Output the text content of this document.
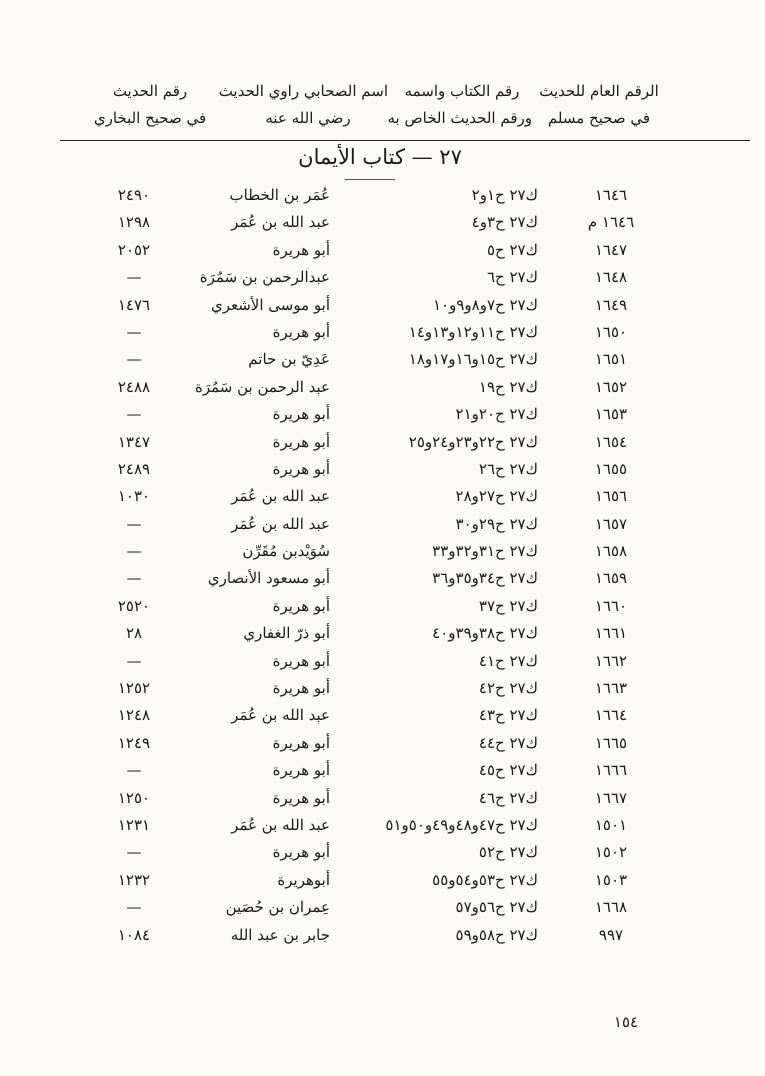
الرقم العام للحديث
في صحيح مسلم
رقم الكتاب واسمه
ورقم الحديث الخاص به
اسم الصحابي راوي الحديث
رضي الله عنه
رقم الحديث
في صحيح البخاري
٢٧ — كتاب الأيمان
١٦٤٦
ك٢٧ ح١و٢
عُمَر بن الخطاب
٢٤٩٠
١٦٤٦ م
ك٢٧ ح٣و٤
عبد الله بن عُمَر
١٢٩٨
١٦٤٧
ك٢٧ ح٥
أبو هريرة
٢٠٥٢
١٦٤٨
ك٢٧ ح٦
عبدالرحمن بن سَمُرَة
—
١٦٤٩
ك٢٧ ح٧و٨و٩و١٠
أبو موسى الأشعري
١٤٧٦
١٦٥٠
ك٢٧ ح١١و١٢و١٣و١٤
أبو هريرة
—
١٦٥١
ك٢٧ ح١٥و١٦و١٧و١٨
عَدِيّ بن حاتم
—
١٦٥٢
ك٢٧ ح١٩
عبد الرحمن بن سَمُرَة
٢٤٨٨
١٦٥٣
ك٢٧ ح٢٠و٢١
أبو هريرة
—
١٦٥٤
ك٢٧ ح٢٢و٢٣و٢٤و٢٥
أبو هريرة
١٣٤٧
١٦٥٥
ك٢٧ ح٢٦
أبو هريرة
٢٤٨٩
١٦٥٦
ك٢٧ ح٢٧و٢٨
عبد الله بن عُمَر
١٠٣٠
١٦٥٧
ك٢٧ ح٢٩و٣٠
عبد الله بن عُمَر
—
١٦٥٨
ك٢٧ ح٣١و٣٢و٣٣
سُوَيْدبن مُقَرِّن
—
١٦٥٩
ك٢٧ ح٣٤و٣٥و٣٦
أبو مسعود الأنصاري
—
١٦٦٠
ك٢٧ ح٣٧
أبو هريرة
٢٥٢٠
١٦٦١
ك٢٧ ح٣٨و٣٩و٤٠
أبو ذرّ الغفاري
٢٨
١٦٦٢
ك٢٧ ح٤١
أبو هريرة
—
١٦٦٣
ك٢٧ ح٤٢
أبو هريرة
١٢٥٢
١٦٦٤
ك٢٧ ح٤٣
عبد الله بن عُمَر
١٢٤٨
١٦٦٥
ك٢٧ ح٤٤
أبو هريرة
١٢٤٩
١٦٦٦
ك٢٧ ح٤٥
أبو هريرة
—
١٦٦٧
ك٢٧ ح٤٦
أبو هريرة
١٢٥٠
١٥٠١
ك٢٧ ح٤٧و٤٨و٤٩و٥٠و٥١
عبد الله بن عُمَر
١٢٣١
١٥٠٢
ك٢٧ ح٥٢
أبو هريرة
—
١٥٠٣
ك٢٧ ح٥٣و٥٤و٥٥
أبوهريرة
١٢٣٢
١٦٦٨
ك٢٧ ح٥٦و٥٧
عِمران بن حُصَين
—
٩٩٧
ك٢٧ ح٥٨و٥٩
جابر بن عبد الله
١٠٨٤
١٥٤
